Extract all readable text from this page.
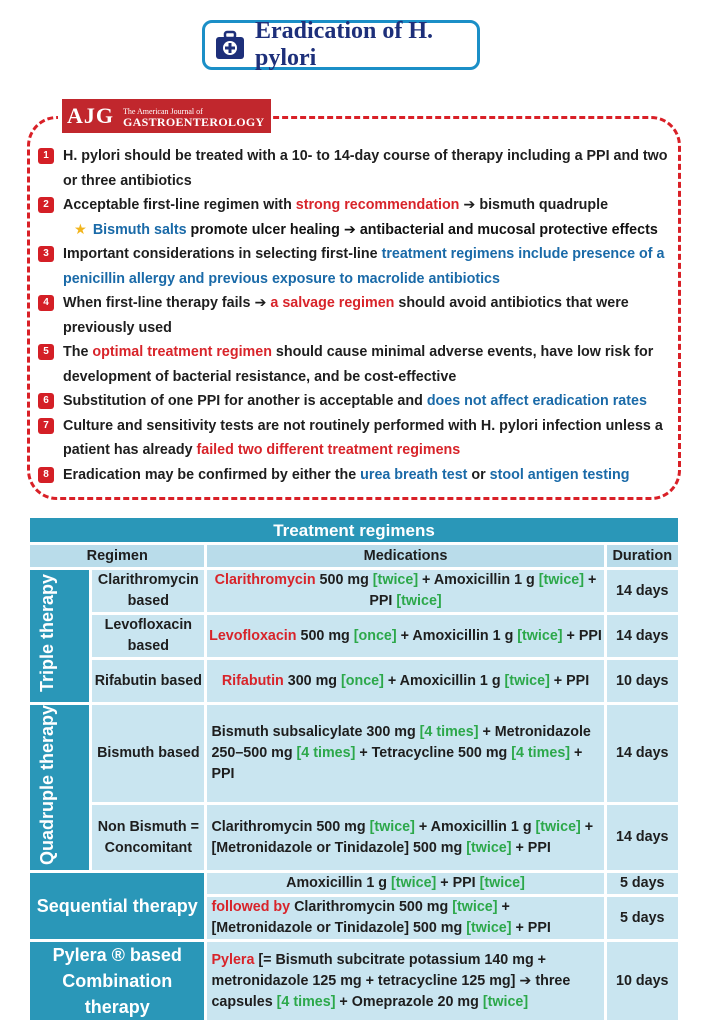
Eradication of H. pylori
AJG	The American Journal of
GASTROENTEROLOGY
1 H. pylori should be treated with a 10- to 14-day course of therapy including a PPI and two or three antibiotics
2 Acceptable first-line regimen with strong recommendation ➔ bismuth quadruple
★ Bismuth salts promote ulcer healing ➔ antibacterial and mucosal protective effects
3 Important considerations in selecting first-line treatment regimens include presence of a penicillin allergy and previous exposure to macrolide antibiotics
4 When first-line therapy fails ➔ a salvage regimen should avoid antibiotics that were previously used
5 The optimal treatment regimen should cause minimal adverse events, have low risk for development of bacterial resistance, and be cost-effective
6 Substitution of one PPI for another is acceptable and does not affect eradication rates
7 Culture and sensitivity tests are not routinely performed with H. pylori infection unless a patient has already failed two different treatment regimens
8 Eradication may be confirmed by either the urea breath test or stool antigen testing
Treatment regimens			
Regimen		Medications	Duration
Triple therapy	Clarithromycin based	Clarithromycin 500 mg [twice] + Amoxicillin 1 g [twice] + PPI [twice]	14 days
	Levofloxacin based	Levofloxacin 500 mg [once] + Amoxicillin 1 g [twice] + PPI	14 days
	Rifabutin based	Rifabutin 300 mg [once] + Amoxicillin 1 g [twice] + PPI	10 days
Quadruple therapy	Bismuth based	Bismuth subsalicylate 300 mg [4 times] + Metronidazole 250–500 mg [4 times] + Tetracycline 500 mg [4 times] + PPI	14 days
	Non Bismuth = Concomitant	Clarithromycin 500 mg [twice] + Amoxicillin 1 g [twice] + [Metronidazole or Tinidazole] 500 mg [twice] + PPI	14 days
Sequential therapy		Amoxicillin 1 g [twice] + PPI [twice]	5 days
		followed by Clarithromycin 500 mg [twice] + [Metronidazole or Tinidazole] 500 mg [twice] + PPI	5 days
Pylera ® based Combination therapy		Pylera [= Bismuth subcitrate potassium 140 mg + metronidazole 125 mg + tetracycline 125 mg] ➔ three capsules [4 times] + Omeprazole 20 mg [twice]	10 days
